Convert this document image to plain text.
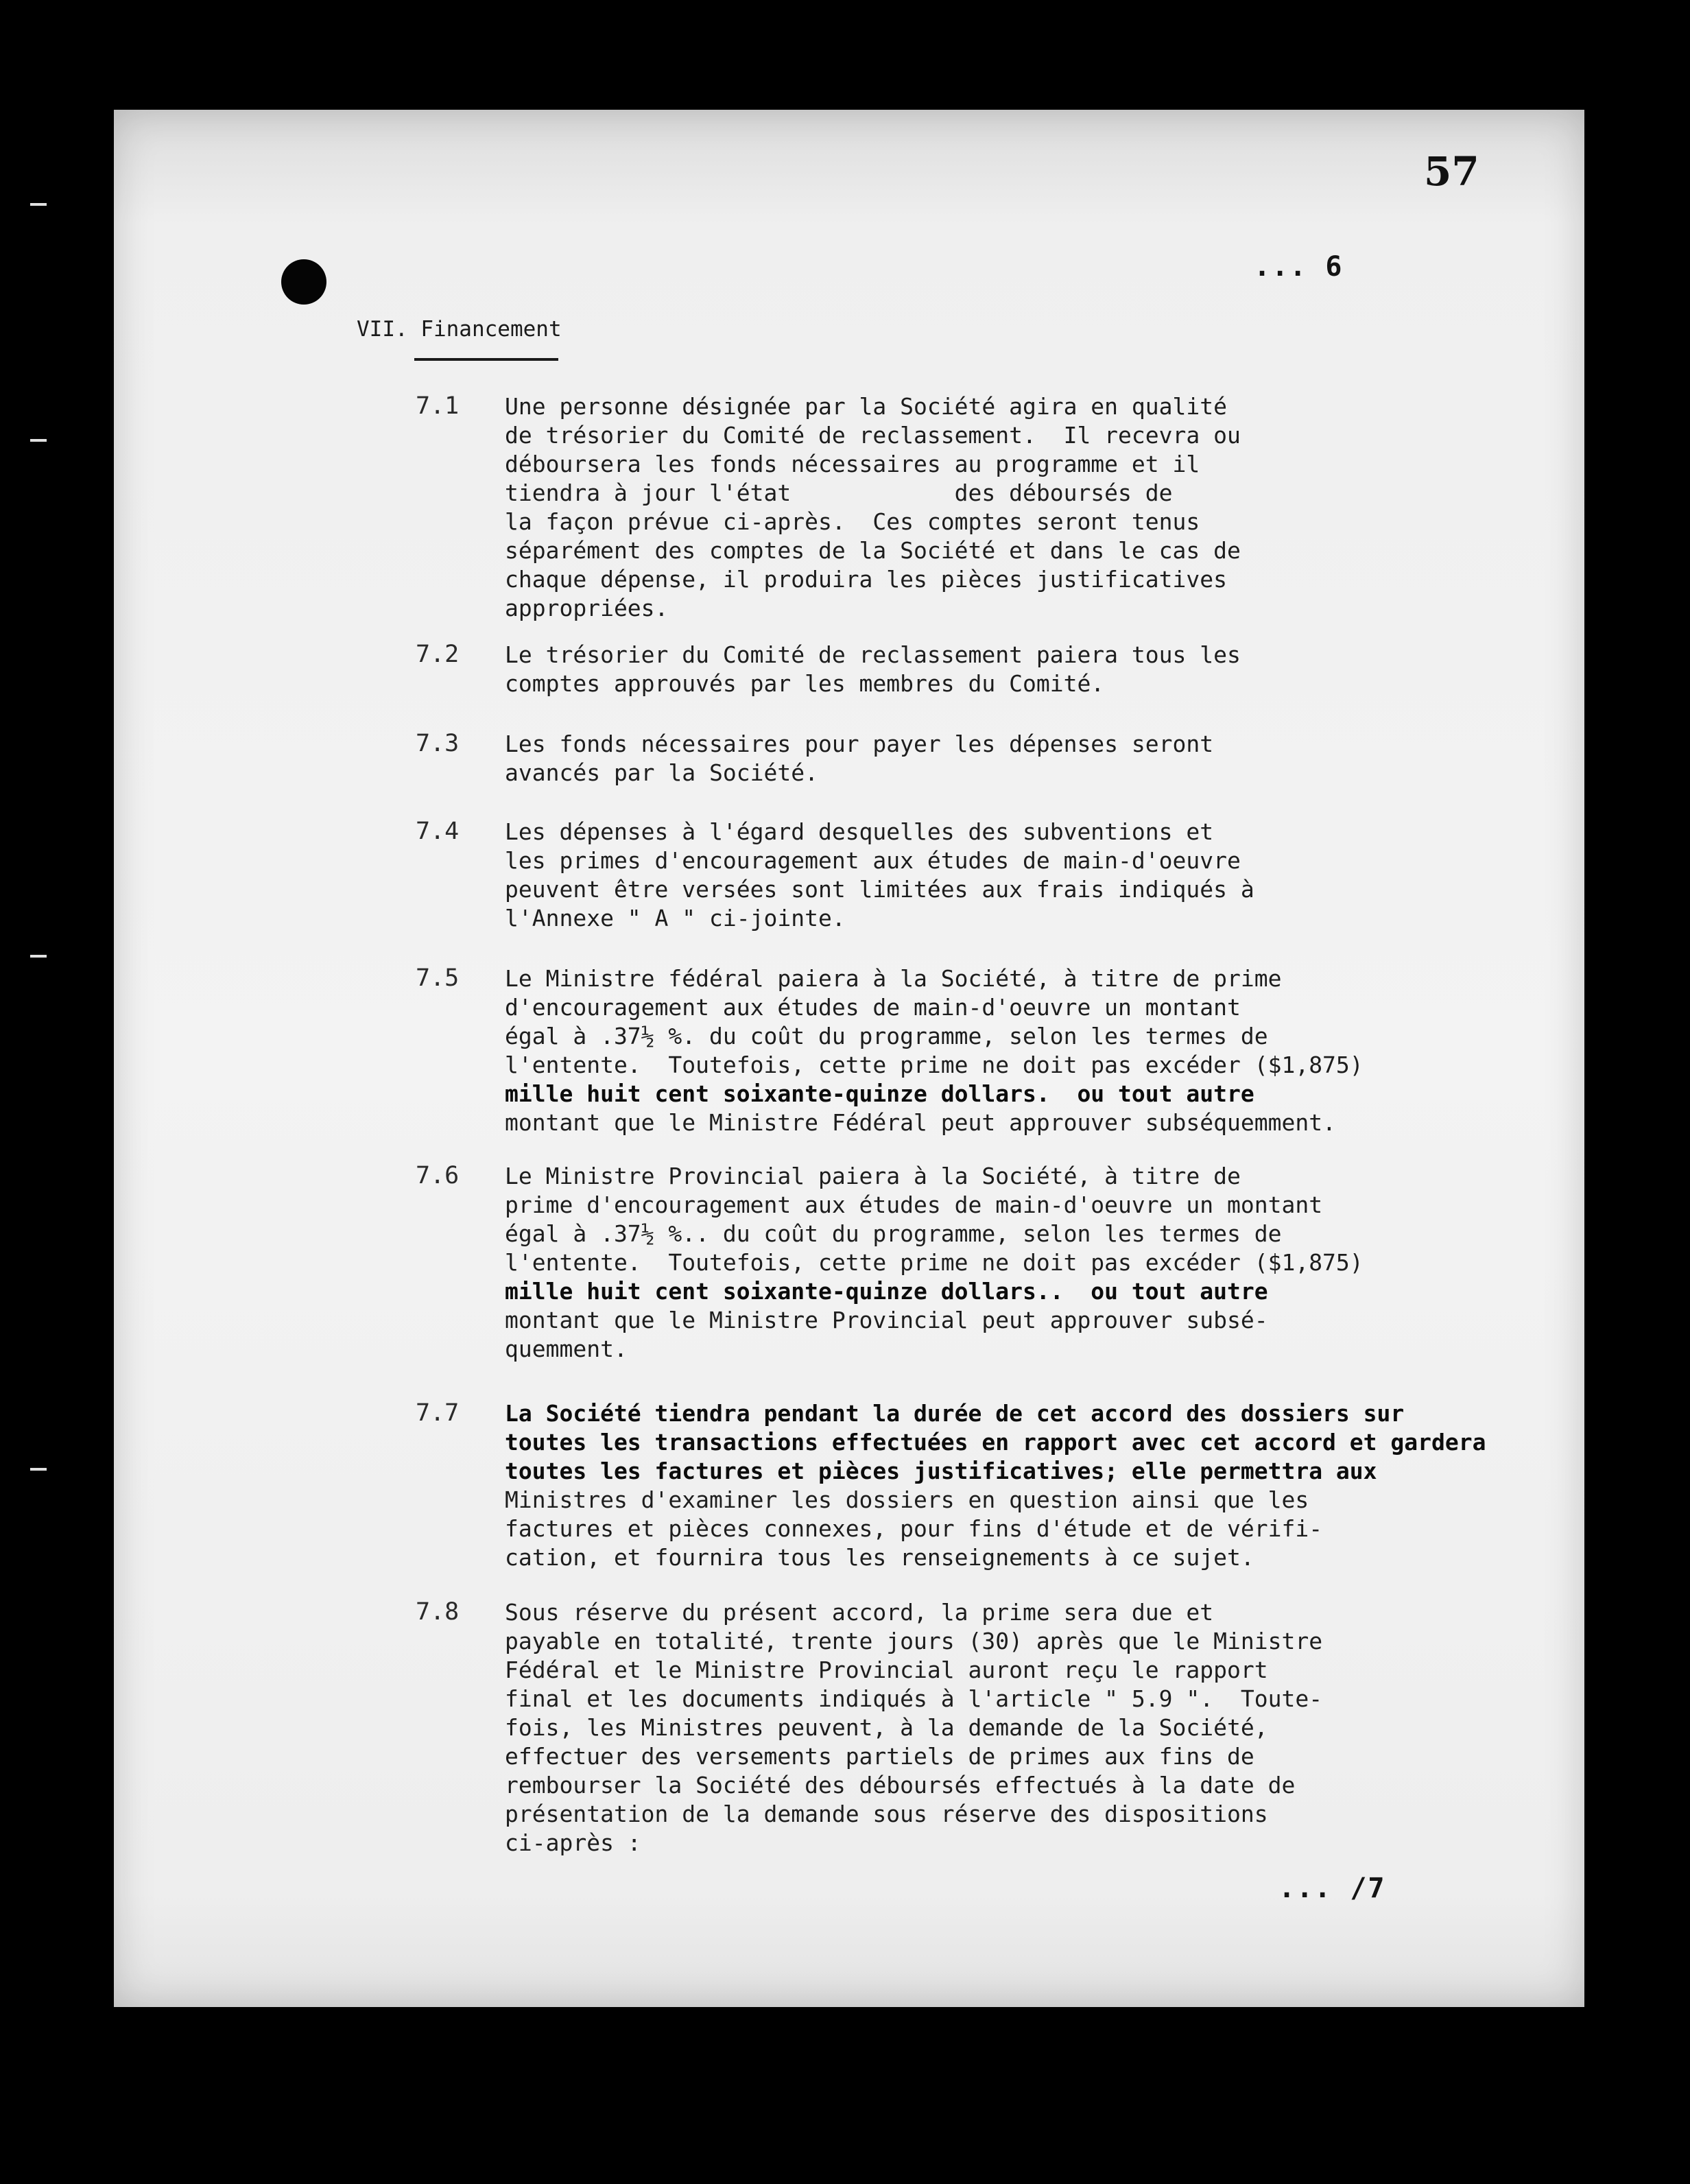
57
... 6
VII. Financement
7.1 Une personne désignée par la Société agira en qualité
de trésorier du Comité de reclassement.  Il recevra ou
déboursera les fonds nécessaires au programme et il
tiendra à jour l'état            des déboursés de
la façon prévue ci-après.  Ces comptes seront tenus
séparément des comptes de la Société et dans le cas de
chaque dépense, il produira les pièces justificatives
appropriées.
7.2 Le trésorier du Comité de reclassement paiera tous les
comptes approuvés par les membres du Comité.
7.3 Les fonds nécessaires pour payer les dépenses seront
avancés par la Société.
7.4 Les dépenses à l'égard desquelles des subventions et
les primes d'encouragement aux études de main-d'oeuvre
peuvent être versées sont limitées aux frais indiqués à
l'Annexe " A " ci-jointe.
7.5 Le Ministre fédéral paiera à la Société, à titre de prime
d'encouragement aux études de main-d'oeuvre un montant
égal à .37½ %. du coût du programme, selon les termes de
l'entente.  Toutefois, cette prime ne doit pas excéder ($1,875)
mille huit cent soixante-quinze dollars.  ou tout autre
montant que le Ministre Fédéral peut approuver subséquemment.
7.6 Le Ministre Provincial paiera à la Société, à titre de
prime d'encouragement aux études de main-d'oeuvre un montant
égal à .37½ %.. du coût du programme, selon les termes de
l'entente.  Toutefois, cette prime ne doit pas excéder ($1,875)
mille huit cent soixante-quinze dollars..  ou tout autre
montant que le Ministre Provincial peut approuver subsé-
quemment.
7.7 La Société tiendra pendant la durée de cet accord des dossiers sur
toutes les transactions effectuées en rapport avec cet accord et gardera
toutes les factures et pièces justificatives; elle permettra aux
Ministres d'examiner les dossiers en question ainsi que les
factures et pièces connexes, pour fins d'étude et de vérifi-
cation, et fournira tous les renseignements à ce sujet.
7.8 Sous réserve du présent accord, la prime sera due et
payable en totalité, trente jours (30) après que le Ministre
Fédéral et le Ministre Provincial auront reçu le rapport
final et les documents indiqués à l'article " 5.9 ".  Toute-
fois, les Ministres peuvent, à la demande de la Société,
effectuer des versements partiels de primes aux fins de
rembourser la Société des déboursés effectués à la date de
présentation de la demande sous réserve des dispositions
ci-après :
... /7
